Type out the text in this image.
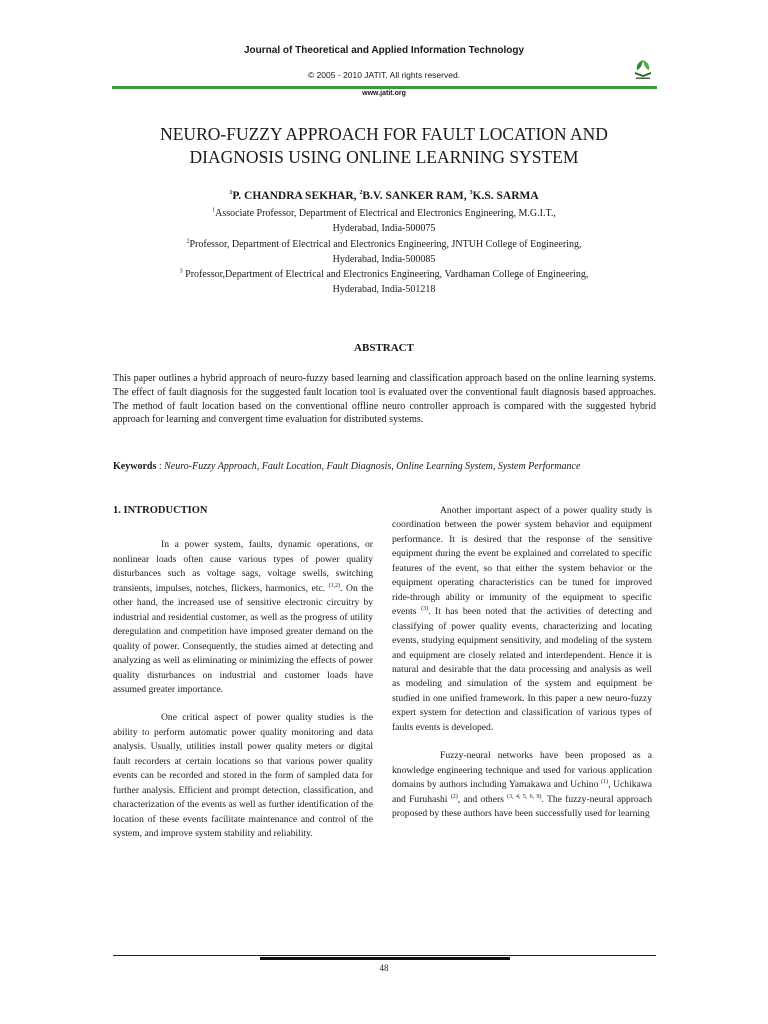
Journal of Theoretical and Applied Information Technology
© 2005 - 2010 JATIT. All rights reserved.
www.jatit.org
NEURO-FUZZY APPROACH FOR FAULT LOCATION AND
DIAGNOSIS USING ONLINE LEARNING SYSTEM
$^1$P. CHANDRA SEKHAR, $^2$B.V. SANKER RAM, $^3$K.S. SARMA
$^1$Associate Professor, Department of Electrical and Electronics Engineering, M.G.I.T.,
Hyderabad, India-500075
$^2$Professor, Department of Electrical and Electronics Engineering, JNTUH College of Engineering,
Hyderabad, India-500085
$^3$ Professor,Department of Electrical and Electronics Engineering, Vardhaman College of Engineering,
Hyderabad, India-501218
ABSTRACT

This paper outlines a hybrid approach of neuro-fuzzy based learning and classification approach based on the online learning systems. The effect of fault diagnosis for the suggested fault location tool is evaluated over the conventional fault diagnosis based approaches. The method of fault location based on the conventional offline neuro controller approach is compared with the suggested hybrid approach for learning and convergent time evaluation for distributed systems.

Keywords : Neuro-Fuzzy Approach, Fault Location, Fault Diagnosis, Online Learning System, System Performance

1. INTRODUCTION

In a power system, faults, dynamic operations, or nonlinear loads often cause various types of power quality disturbances such as voltage sags, voltage swells, switching transients, impulses, notches, flickers, harmonics, etc. $^{(1,2)}$. On the other hand, the increased use of sensitive electronic circuitry by industrial and residential customer, as well as the progress of utility deregulation and competition have imposed greater demand on the quality of power. Consequently, the studies aimed at detecting and analyzing as well as eliminating or minimizing the effects of power quality disturbances on industrial and customer loads have assumed greater importance.

One critical aspect of power quality studies is the ability to perform automatic power quality monitoring and data analysis. Usually, utilities install power quality meters or digital fault recorders at certain locations so that various power quality events can be recorded and stored in the form of sampled data for further analysis. Efficient and prompt detection, classification, and characterization of the events as well as further identification of the location of these events facilitate maintenance and control of the system, and improve system stability and reliability.

Another important aspect of a power quality study is coordination between the power system behavior and equipment performance. It is desired that the response of the sensitive equipment during the event be explained and correlated to specific features of the event, so that either the system behavior or the equipment operating characteristics can be tuned for improved ride-through ability or immunity of the equipment to specific events $^{(3)}$. It has been noted that the activities of detecting and classifying of power quality events, characterizing and locating events, studying equipment sensitivity, and modeling of the system and equipment are closely related and interdependent. Hence it is natural and desirable that the data processing and analysis as well as modeling and simulation of the system and equipment be studied in one unified framework. In this paper a new neuro-fuzzy expert system for detection and classification of various types of faults events is developed.

Fuzzy-neural networks have been proposed as a knowledge engineering technique and used for various application domains by authors including Yamakawa and Uchino $^{(1)}$, Uchikawa and Furuhashi $^{(2)}$, and others $^{(3, 4, 5, 6, 9)}$. The fuzzy-neural approach proposed by these authors have been successfully used for learning

48
